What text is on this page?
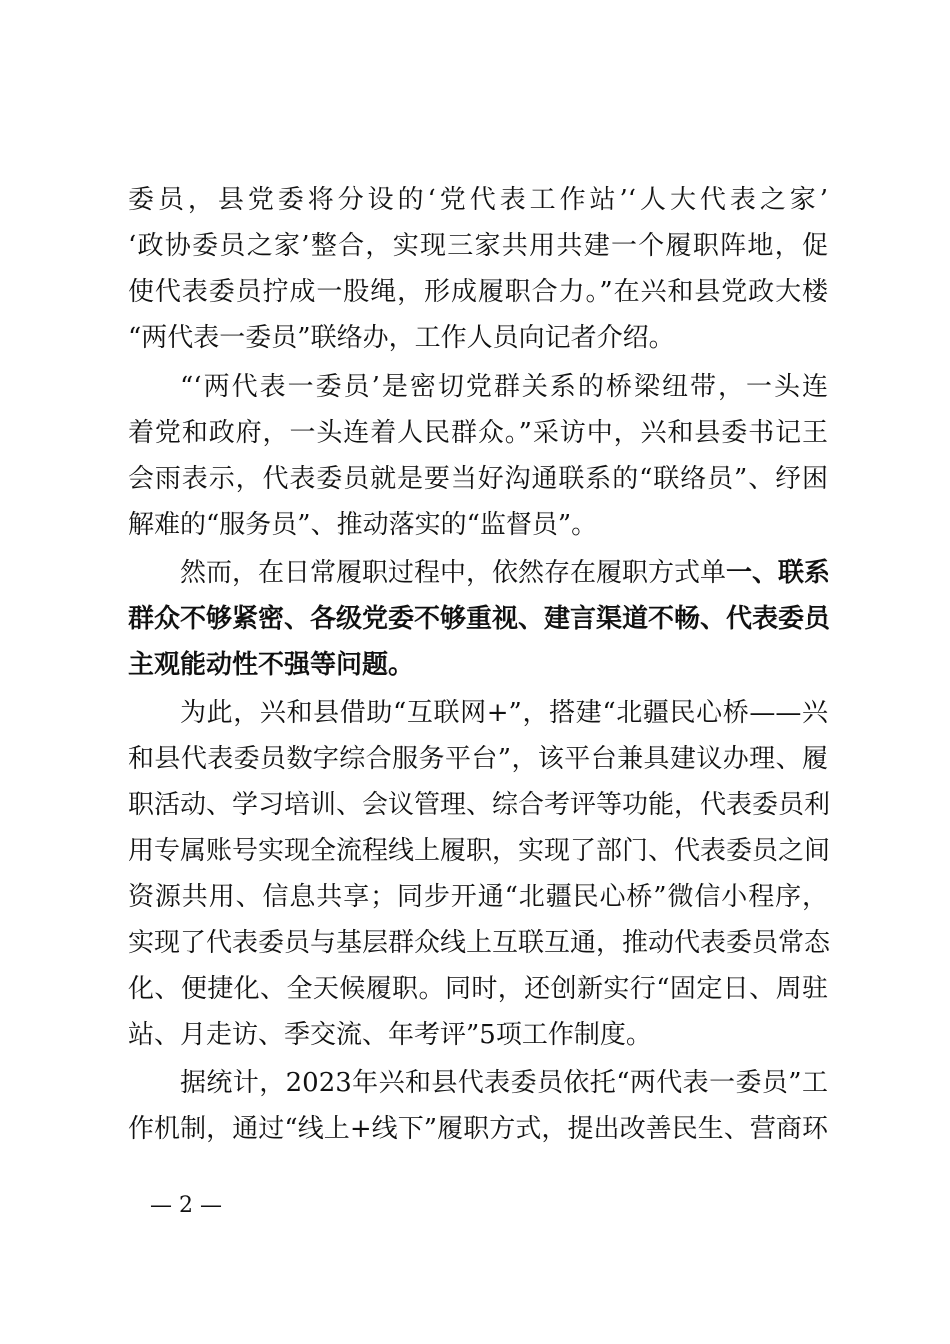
委员，县党委将分设的‘党代表工作站’‘人大代表之家’
‘政协委员之家’整合，实现三家共用共建一个履职阵地，促
使代表委员拧成一股绳，形成履职合力。”在兴和县党政大楼
“两代表一委员”联络办，工作人员向记者介绍。
“‘两代表一委员’是密切党群关系的桥梁纽带，一头连
着党和政府，一头连着人民群众。”采访中，兴和县委书记王
会雨表示，代表委员就是要当好沟通联系的“联络员”、纾困
解难的“服务员”、推动落实的“监督员”。
然而，在日常履职过程中，依然存在履职方式单一、联系
群众不够紧密、各级党委不够重视、建言渠道不畅、代表委员
主观能动性不强等问题。
为此，兴和县借助“互联网+”，搭建“北疆民心桥——兴
和县代表委员数字综合服务平台”，该平台兼具建议办理、履
职活动、学习培训、会议管理、综合考评等功能，代表委员利
用专属账号实现全流程线上履职，实现了部门、代表委员之间
资源共用、信息共享；同步开通“北疆民心桥”微信小程序，
实现了代表委员与基层群众线上互联互通，推动代表委员常态
化、便捷化、全天候履职。同时，还创新实行“固定日、周驻
站、月走访、季交流、年考评”5项工作制度。
据统计，2023年兴和县代表委员依托“两代表一委员”工
作机制，通过“线上+线下”履职方式，提出改善民生、营商环
— 2 —
